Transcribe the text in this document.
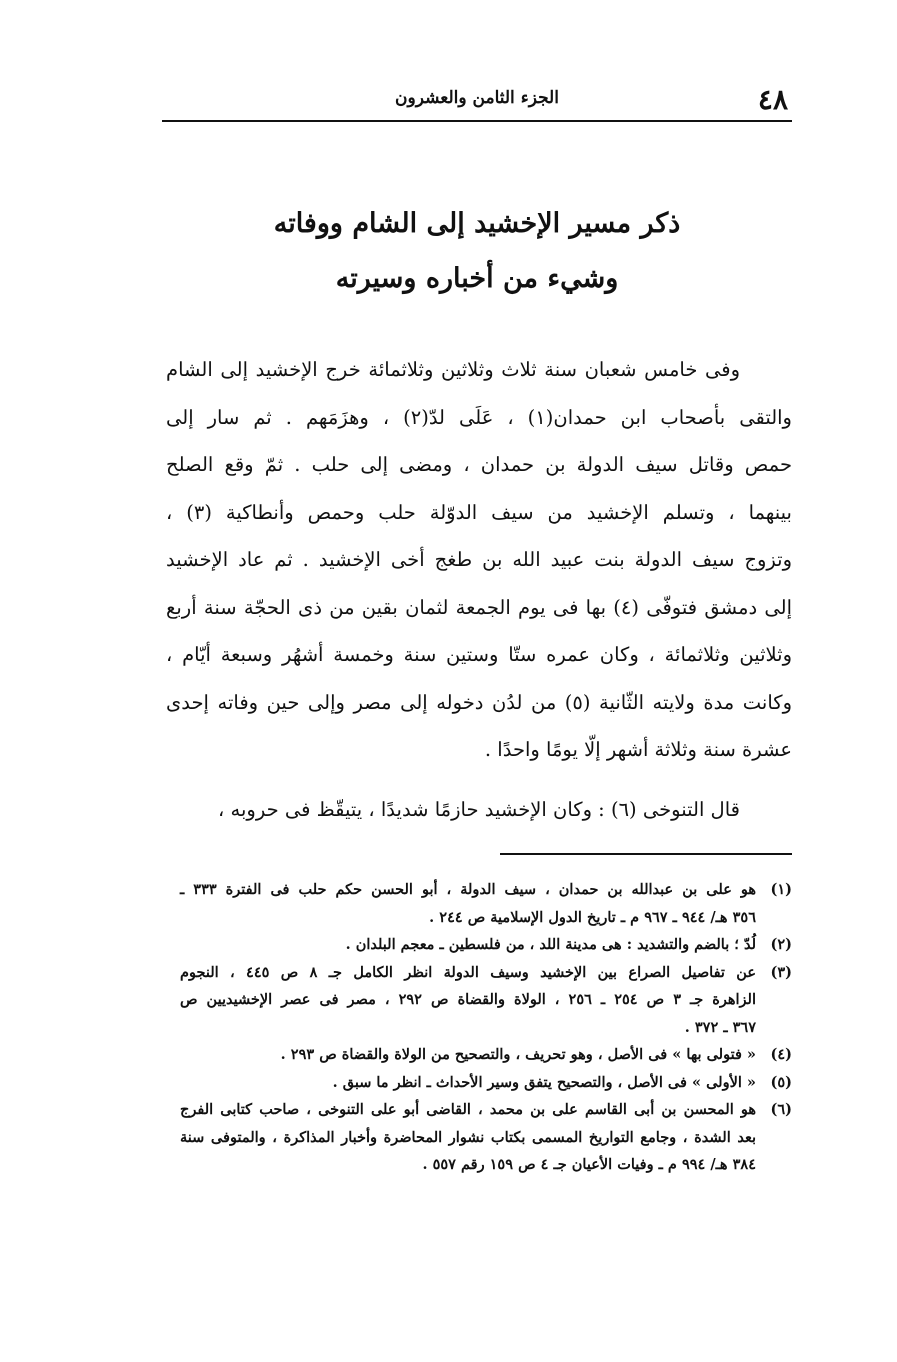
٤٨
الجزء الثامن والعشرون
ذكر مسير الإخشيد إلى الشام ووفاته
وشيء من أخباره وسيرته
وفى خامس شعبان سنة ثلاث وثلاثين وثلاثمائة خرج الإخشيد إلى الشام
والتقى بأصحاب ابن حمدان(١) ، عَلَى لدّ(٢) ، وهزَمَهم . ثم سار إلى
حمص وقاتل سيف الدولة بن حمدان ، ومضى إلى حلب . ثمّ وقع الصلح
بينهما ، وتسلم الإخشيد من سيف الدوّلة حلب وحمص وأنطاكية (٣) ،
وتزوج سيف الدولة بنت عبيد الله بن طغج أخى الإخشيد . ثم عاد الإخشيد
إلى دمشق فتوفّى (٤) بها فى يوم الجمعة لثمان بقين من ذى الحجّة سنة أربع
وثلاثين وثلاثمائة ، وكان عمره ستّا وستين سنة وخمسة أشهُر وسبعة أيّام ،
وكانت مدة ولايته الثّانية (٥) من لدُن دخوله إلى مصر وإلى حين وفاته إحدى
عشرة سنة وثلاثة أشهر إلّا يومًا واحدًا .
قال التنوخى (٦) : وكان الإخشيد حازمًا شديدًا ، يتيقّظ فى حروبه ،
(١)
هو على بن عبدالله بن حمدان ، سيف الدولة ، أبو الحسن حكم حلب فى الفترة ٣٣٣ ـ
٣٥٦ هـ/ ٩٤٤ ـ ٩٦٧ م ـ تاريخ الدول الإسلامية ص ٢٤٤ .
(٢)
لُدّ ؛ بالضم والتشديد : هى مدينة اللد ، من فلسطين ـ معجم البلدان .
(٣)
عن تفاصيل الصراع بين الإخشيد وسيف الدولة انظر الكامل جـ ٨ ص ٤٤٥ ، النجوم
الزاهرة جـ ٣ ص ٢٥٤ ـ ٢٥٦ ، الولاة والقضاة ص ٢٩٢ ، مصر فى عصر الإخشيديين ص
٣٦٧ ـ ٣٧٢ .
(٤)
« فتولى بها » فى الأصل ، وهو تحريف ، والتصحيح من الولاة والقضاة ص ٢٩٣ .
(٥)
« الأولى » فى الأصل ، والتصحيح يتفق وسير الأحداث ـ انظر ما سبق .
(٦)
هو المحسن بن أبى القاسم على بن محمد ، القاضى أبو على التنوخى ، صاحب كتابى الفرج
بعد الشدة ، وجامع التواريخ المسمى بكتاب نشوار المحاضرة وأخبار المذاكرة ، والمتوفى سنة
٣٨٤ هـ/ ٩٩٤ م ـ وفيات الأعيان جـ ٤ ص ١٥٩ رقم ٥٥٧ .
